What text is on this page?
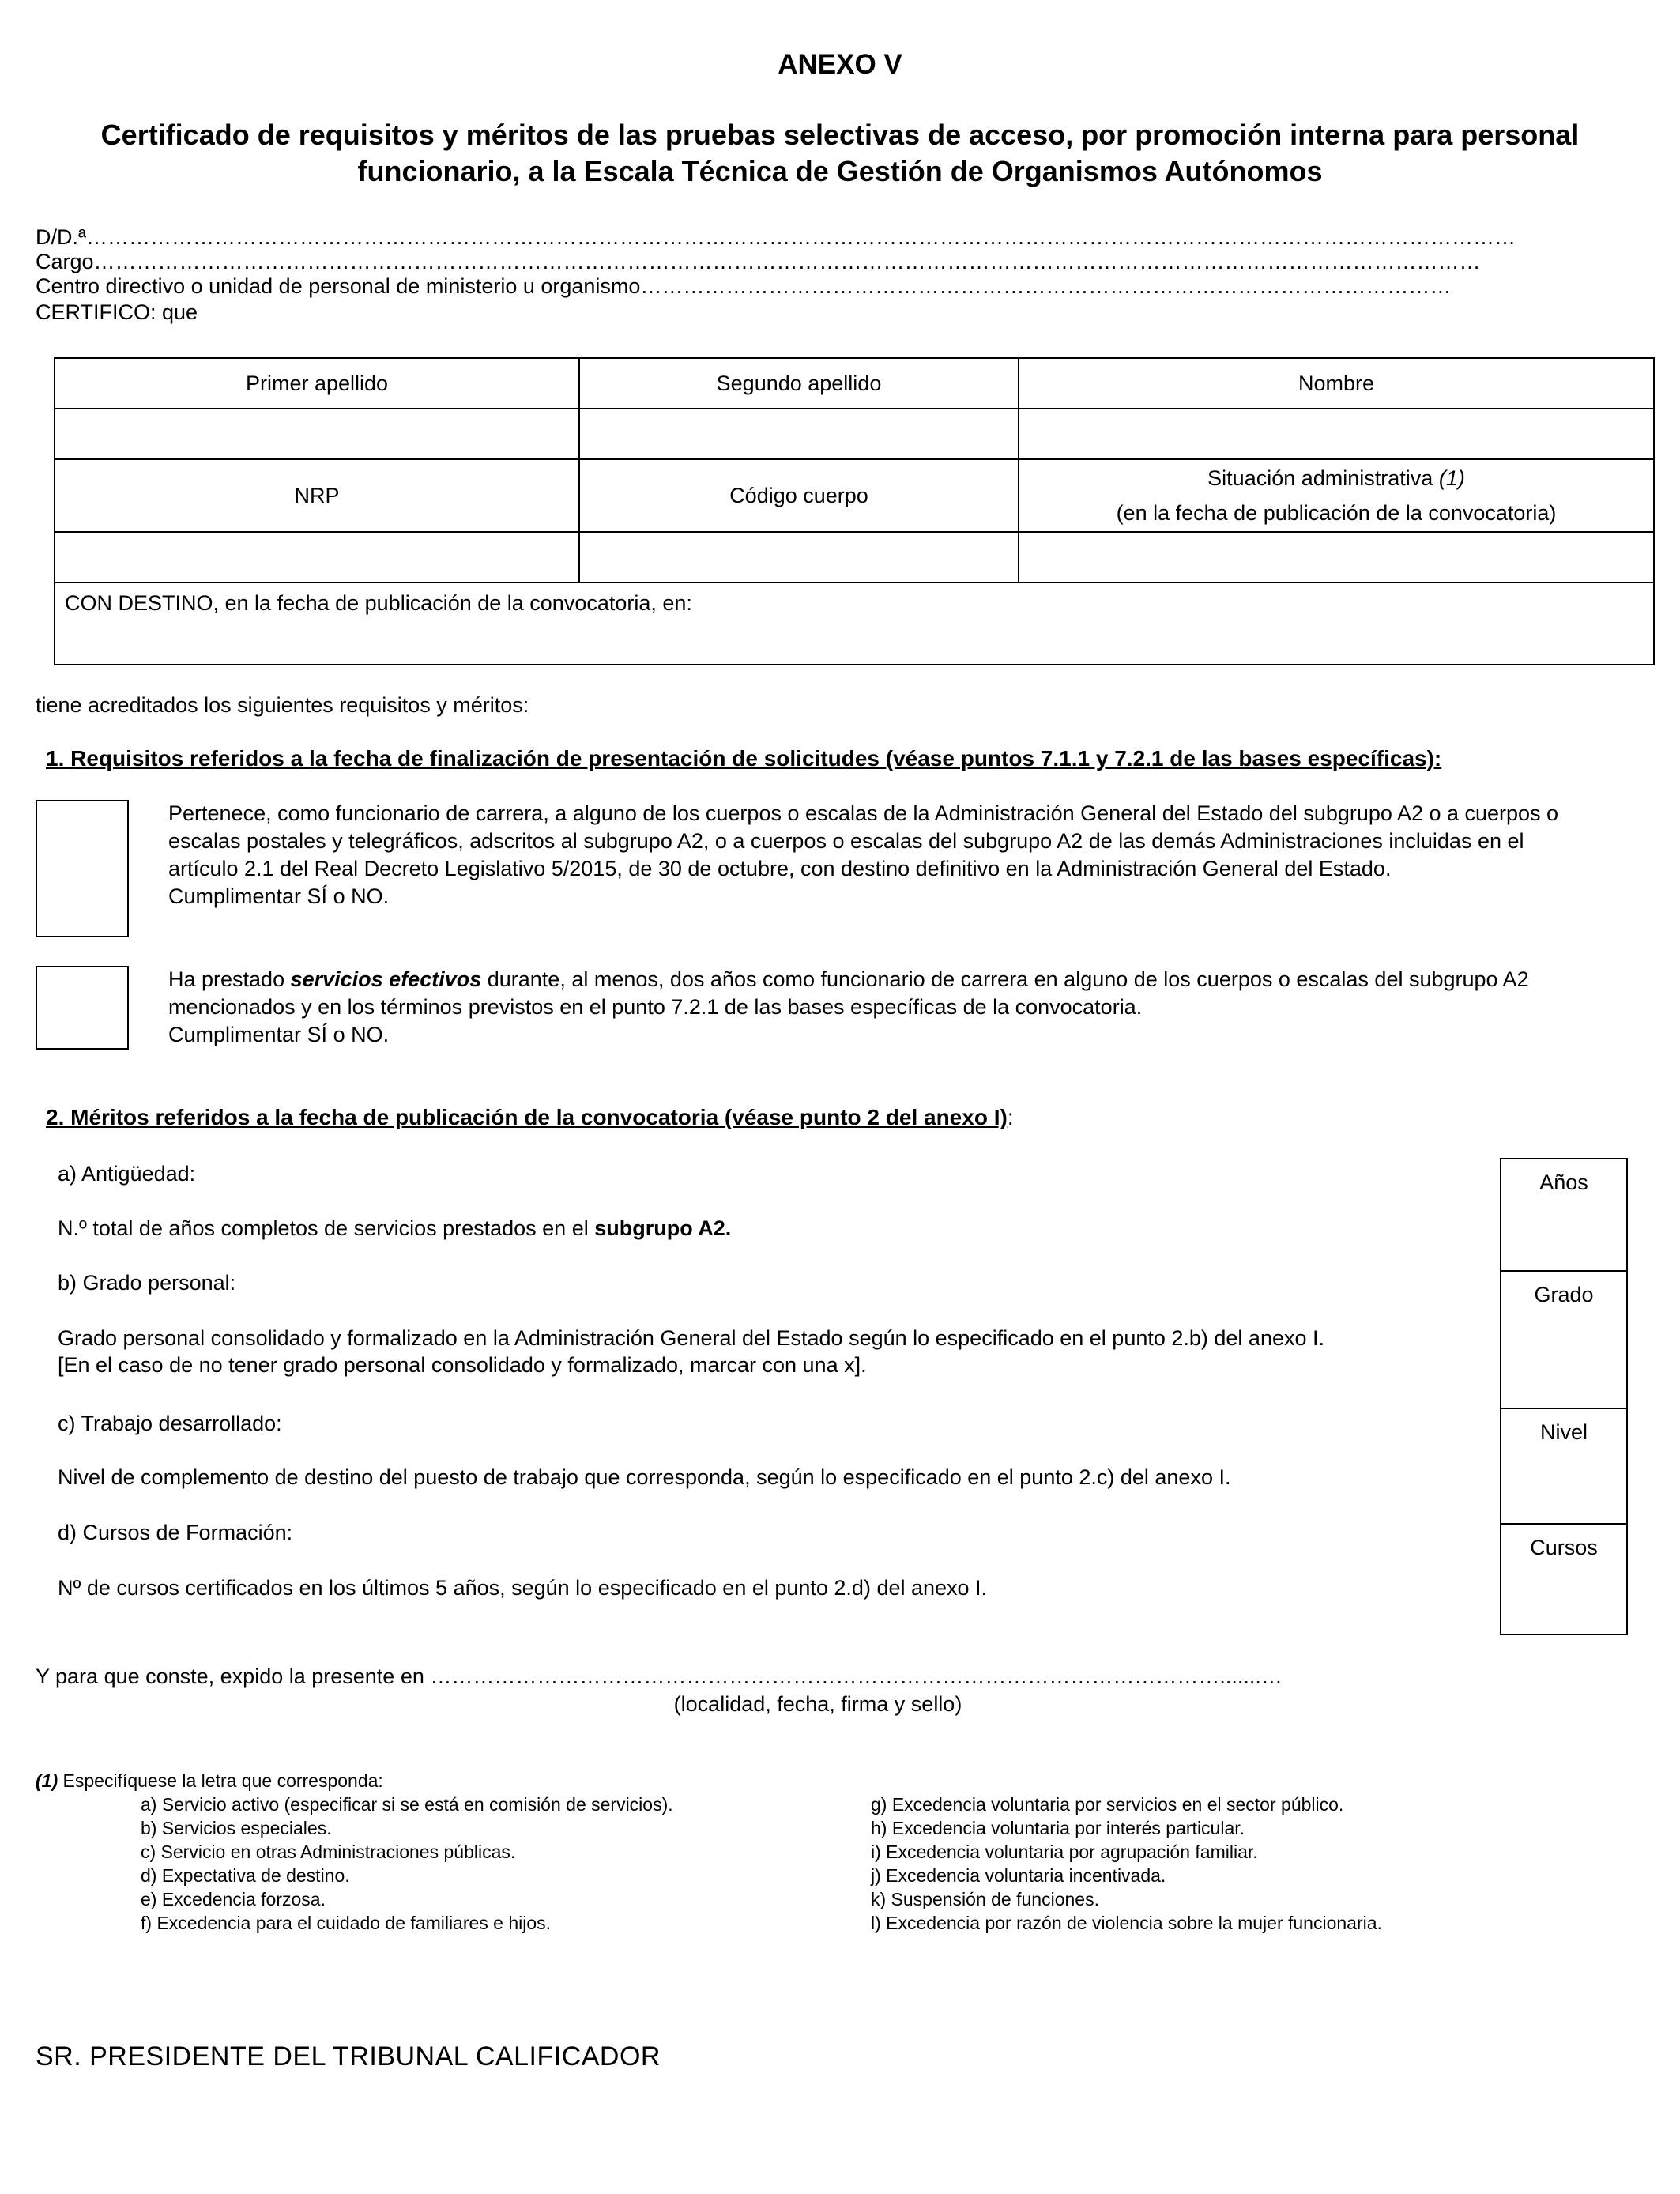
ANEXO V
Certificado de requisitos y méritos de las pruebas selectivas de acceso, por promoción interna para personal
funcionario, a la Escala Técnica de Gestión de Organismos Autónomos
D/D.ª…………………………………………………………………………………………………………………………………………………………………………………
Cargo……………………………………………………………………………………………………………………………………………………………………………
Centro directivo o unidad de personal de ministerio u organismo……………………………………………………………………………………………………
CERTIFICO: que
Primer apellido	Segundo apellido	Nombre

NRP	Código cuerpo	Situación administrativa (1)
(en la fecha de publicación de la convocatoria)

CON DESTINO, en la fecha de publicación de la convocatoria, en:		
tiene acreditados los siguientes requisitos y méritos:
1. Requisitos referidos a la fecha de finalización de presentación de solicitudes (véase puntos 7.1.1 y 7.2.1 de las bases específicas):
Pertenece, como funcionario de carrera, a alguno de los cuerpos o escalas de la Administración General del Estado del subgrupo A2 o a cuerpos o escalas postales y telegráficos, adscritos al subgrupo A2, o a cuerpos o escalas del subgrupo A2 de las demás Administraciones incluidas en el artículo 2.1 del Real Decreto Legislativo 5/2015, de 30 de octubre, con destino definitivo en la Administración General del Estado.
Cumplimentar SÍ o NO.
Ha prestado servicios efectivos durante, al menos, dos años como funcionario de carrera en alguno de los cuerpos o escalas del subgrupo A2 mencionados y en los términos previstos en el punto 7.2.1 de las bases específicas de la convocatoria.
Cumplimentar SÍ o NO.
2. Méritos referidos a la fecha de publicación de la convocatoria (véase punto 2 del anexo I):
a) Antigüedad:
N.º total de años completos de servicios prestados en el subgrupo A2.
b) Grado personal:
Grado personal consolidado y formalizado en la Administración General del Estado según lo especificado en el punto 2.b) del anexo I.
[En el caso de no tener grado personal consolidado y formalizado, marcar con una x].
c) Trabajo desarrollado:
Nivel de complemento de destino del puesto de trabajo que corresponda, según lo especificado en el punto 2.c) del anexo I.
d) Cursos de Formación:
Nº de cursos certificados en los últimos 5 años, según lo especificado en el punto 2.d) del anexo I.
Años
Grado
Nivel
Cursos
Y para que conste, expido la presente en ………………………………………………………………………………………………….......…
(localidad, fecha, firma y sello)
(1) Especifíquese la letra que corresponda:
a) Servicio activo (especificar si se está en comisión de servicios).
b) Servicios especiales.
c) Servicio en otras Administraciones públicas.
d) Expectativa de destino.
e) Excedencia forzosa.
f) Excedencia para el cuidado de familiares e hijos.
g) Excedencia voluntaria por servicios en el sector público.
h) Excedencia voluntaria por interés particular.
i) Excedencia voluntaria por agrupación familiar.
j) Excedencia voluntaria incentivada.
k) Suspensión de funciones.
l) Excedencia por razón de violencia sobre la mujer funcionaria.
SR. PRESIDENTE DEL TRIBUNAL CALIFICADOR
